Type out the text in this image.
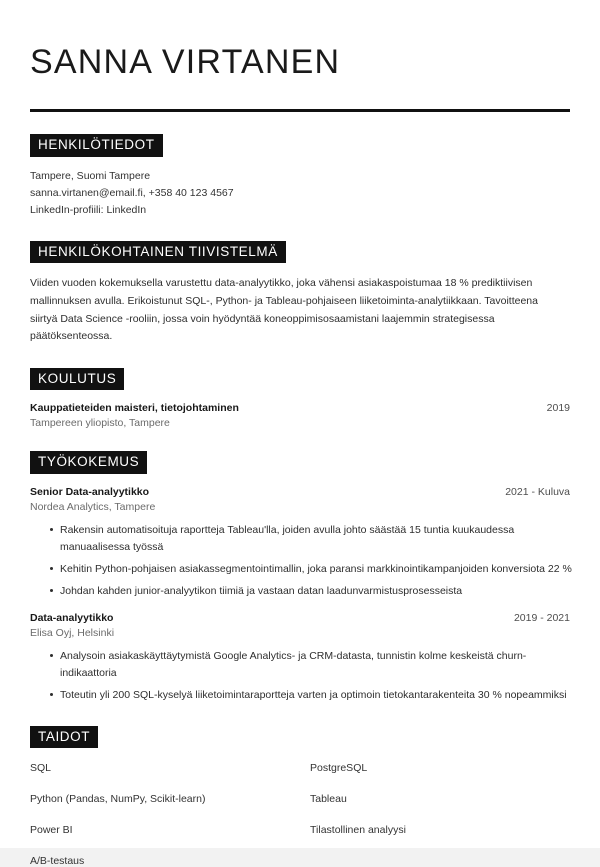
SANNA VIRTANEN
HENKILÖTIEDOT
Tampere, Suomi Tampere
sanna.virtanen@email.fi, +358 40 123 4567
LinkedIn-profiili: LinkedIn
HENKILÖKOHTAINEN TIIVISTELMÄ
Viiden vuoden kokemuksella varustettu data-analyytikko, joka vähensi asiakaspoistumaa 18 % prediktiivisen mallinnuksen avulla. Erikoistunut SQL-, Python- ja Tableau-pohjaiseen liiketoiminta-analytiikkaan. Tavoitteena siirtyä Data Science -rooliin, jossa voin hyödyntää koneoppimisosaamistani laajemmin strategisessa päätöksenteossa.
KOULUTUS
Kauppatieteiden maisteri, tietojohtaminen	2019
Tampereen yliopisto, Tampere
TYÖKOKEMUS
Senior Data-analyytikko	2021 - Kuluva
Nordea Analytics, Tampere
Rakensin automatisoituja raportteja Tableau'lla, joiden avulla johto säästää 15 tuntia kuukaudessa manuaalisessa työssä
Kehitin Python-pohjaisen asiakassegmentointimallin, joka paransi markkinointikampanjoiden konversiota 22 %
Johdan kahden junior-analyytikon tiimiä ja vastaan datan laadunvarmistusprosesseista
Data-analyytikko	2019 - 2021
Elisa Oyj, Helsinki
Analysoin asiakaskäyttäytymistä Google Analytics- ja CRM-datasta, tunnistin kolme keskeistä churn-indikaattoria
Toteutin yli 200 SQL-kyselyä liiketoimintaraportteja varten ja optimoin tietokantarakenteita 30 % nopeammiksi
TAIDOT
SQL	PostgreSQL
Python (Pandas, NumPy, Scikit-learn)	Tableau
Power BI	Tilastollinen analyysi
A/B-testaus
